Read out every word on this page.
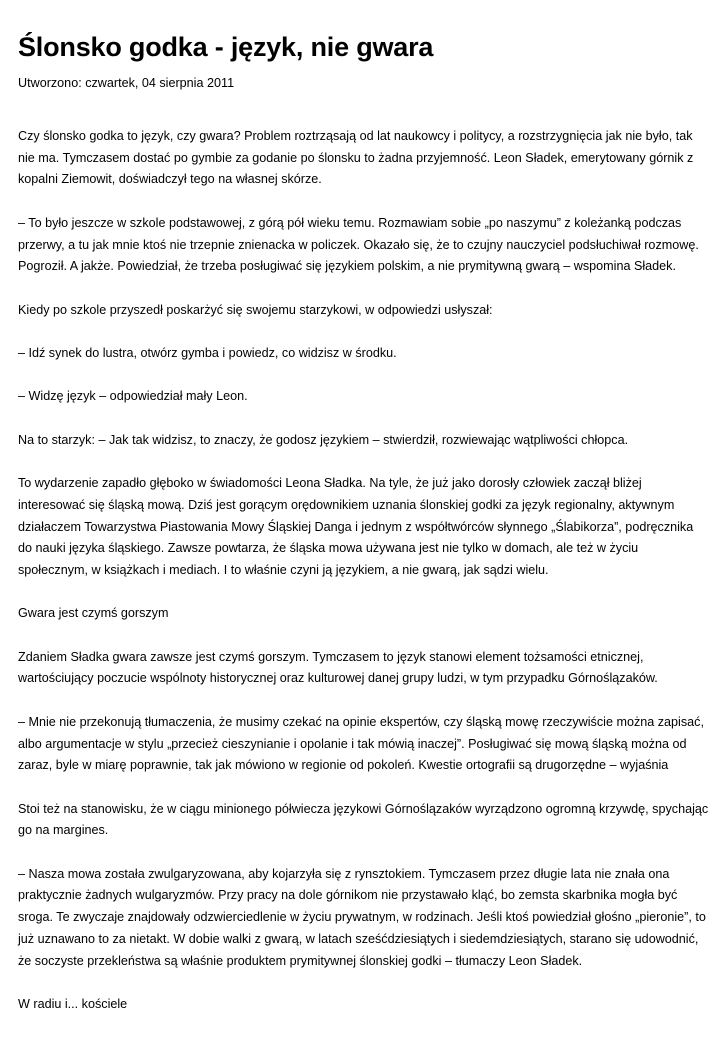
Ślonsko godka - język, nie gwara
Utworzono: czwartek, 04 sierpnia 2011

Czy ślonsko godka to język, czy gwara? Problem roztrząsają od lat naukowcy i politycy, a rozstrzygnięcia jak nie było, tak nie ma. Tymczasem dostać po gymbie za godanie po ślonsku to żadna przyjemność. Leon Sładek, emerytowany górnik z kopalni Ziemowit, doświadczył tego na własnej skórze.

– To było jeszcze w szkole podstawowej, z górą pół wieku temu. Rozmawiam sobie „po naszymu” z koleżanką podczas przerwy, a tu jak mnie ktoś nie trzepnie znienacka w policzek. Okazało się, że to czujny nauczyciel podsłuchiwał rozmowę. Pogroził. A jakże. Powiedział, że trzeba posługiwać się językiem polskim, a nie prymitywną gwarą – wspomina Sładek.

Kiedy po szkole przyszedł poskarżyć się swojemu starzykowi, w odpowiedzi usłyszał:

– Idź synek do lustra, otwórz gymba i powiedz, co widzisz w środku.

– Widzę język – odpowiedział mały Leon.

Na to starzyk: – Jak tak widzisz, to znaczy, że godosz językiem – stwierdził, rozwiewając wątpliwości chłopca.

To wydarzenie zapadło głęboko w świadomości Leona Sładka. Na tyle, że już jako dorosły człowiek zaczął bliżej interesować się śląską mową. Dziś jest gorącym orędownikiem uznania ślonskiej godki za język regionalny, aktywnym działaczem Towarzystwa Piastowania Mowy Śląskiej Danga i jednym z współtwórców słynnego „Ślabikorza”, podręcznika do nauki języka śląskiego. Zawsze powtarza, że śląska mowa używana jest nie tylko w domach, ale też w życiu społecznym, w książkach i mediach. I to właśnie czyni ją językiem, a nie gwarą, jak sądzi wielu.

Gwara jest czymś gorszym

Zdaniem Sładka gwara zawsze jest czymś gorszym. Tymczasem to język stanowi element tożsamości etnicznej, wartościujący poczucie wspólnoty historycznej oraz kulturowej danej grupy ludzi, w tym przypadku Górnoślązaków.

– Mnie nie przekonują tłumaczenia, że musimy czekać na opinie ekspertów, czy śląską mowę rzeczywiście można zapisać, albo argumentacje w stylu „przecież cieszynianie i opolanie i tak mówią inaczej”. Posługiwać się mową śląską można od zaraz, byle w miarę poprawnie, tak jak mówiono w regionie od pokoleń. Kwestie ortografii są drugorzędne – wyjaśnia

Stoi też na stanowisku, że w ciągu minionego półwiecza językowi Górnoślązaków wyrządzono ogromną krzywdę, spychając go na margines.

– Nasza mowa została zwulgaryzowana, aby kojarzyła się z rynsztokiem. Tymczasem przez długie lata nie znała ona praktycznie żadnych wulgaryzmów. Przy pracy na dole górnikom nie przystawało kląć, bo zemsta skarbnika mogła być sroga. Te zwyczaje znajdowały odzwierciedlenie w życiu prywatnym, w rodzinach. Jeśli ktoś powiedział głośno „pieronie”, to już uznawano to za nietakt. W dobie walki z gwarą, w latach sześćdziesiątych i siedemdziesiątych, starano się udowodnić, że soczyste przekleństwa są właśnie produktem prymitywnej ślonskiej godki – tłumaczy Leon Sładek.

W radiu i... kościele
